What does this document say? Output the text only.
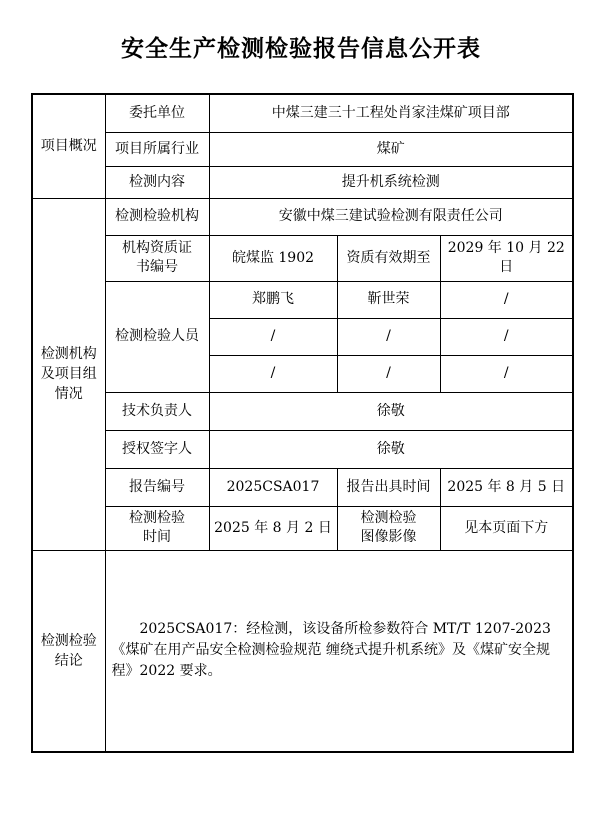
安全生产检测检验报告信息公开表
项目概况	委托单位	中煤三建三十工程处肖家洼煤矿项目部		
	项目所属行业	煤矿		
	检测内容	提升机系统检测		

检测机构及项目组情况	检测检验机构	安徽中煤三建试验检测有限责任公司		

	机构资质证书编号	皖煤监 1902	资质有效期至	2029 年 10 月 22 日
	检测检验人员	郑鹏飞	靳世荣	/
		/	/	/
		/	/	/
	技术负责人	徐敬		
	授权签字人	徐敬		
	报告编号	2025CSA017	报告出具时间	2025 年 8 月 5 日

	检测检验时间	2025 年 8 月 2 日	检测检验图像影像	见本页面下方

检测检验结论	2025CSA017：经检测，该设备所检参数符合 MT/T 1207-2023《煤矿在用产品安全检测检验规范 缠绕式提升机系统》及《煤矿安全规程》2022 要求。			
